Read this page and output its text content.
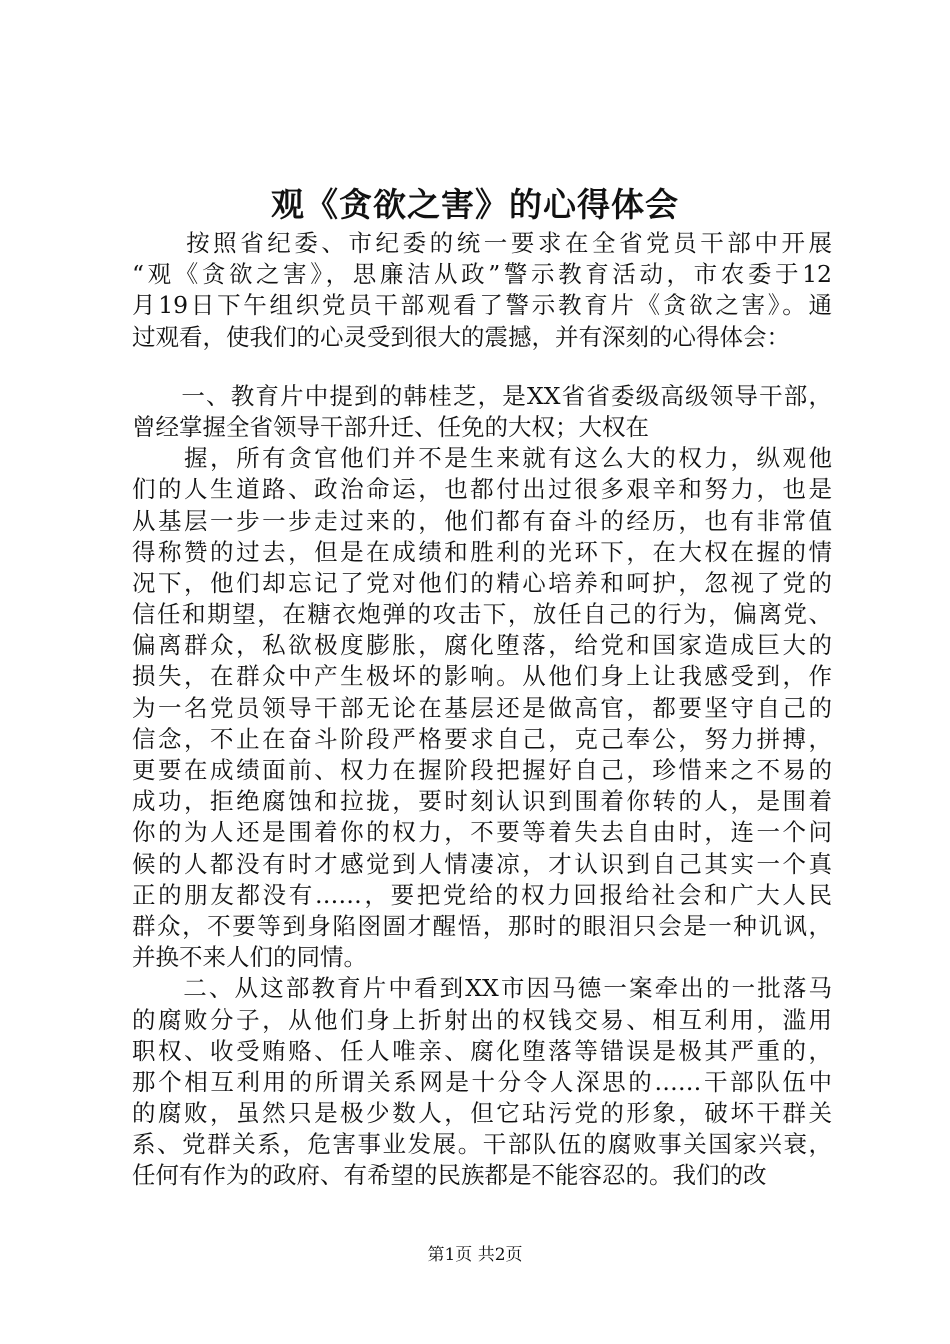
观《贪欲之害》的心得体会
　　按照省纪委、市纪委的统一要求在全省党员干部中开展
“观《贪欲之害》，思廉洁从政”警示教育活动，市农委于12
月19日下午组织党员干部观看了警示教育片《贪欲之害》。通
过观看，使我们的心灵受到很大的震撼，并有深刻的心得体会：
　　一、教育片中提到的韩桂芝，是XX省省委级高级领导干部，
曾经掌握全省领导干部升迁、任免的大权；大权在
　　握，所有贪官他们并不是生来就有这么大的权力，纵观他
们的人生道路、政治命运，也都付出过很多艰辛和努力，也是
从基层一步一步走过来的，他们都有奋斗的经历，也有非常值
得称赞的过去，但是在成绩和胜利的光环下，在大权在握的情
况下，他们却忘记了党对他们的精心培养和呵护，忽视了党的
信任和期望，在糖衣炮弹的攻击下，放任自己的行为，偏离党、
偏离群众，私欲极度膨胀，腐化堕落，给党和国家造成巨大的
损失，在群众中产生极坏的影响。从他们身上让我感受到，作
为一名党员领导干部无论在基层还是做高官，都要坚守自己的
信念，不止在奋斗阶段严格要求自己，克己奉公，努力拼搏，
更要在成绩面前、权力在握阶段把握好自己，珍惜来之不易的
成功，拒绝腐蚀和拉拢，要时刻认识到围着你转的人，是围着
你的为人还是围着你的权力，不要等着失去自由时，连一个问
候的人都没有时才感觉到人情凄凉，才认识到自己其实一个真
正的朋友都没有……，要把党给的权力回报给社会和广大人民
群众，不要等到身陷囹圄才醒悟，那时的眼泪只会是一种讥讽，
并换不来人们的同情。
　　二、从这部教育片中看到XX市因马德一案牵出的一批落马
的腐败分子，从他们身上折射出的权钱交易、相互利用，滥用
职权、收受贿赂、任人唯亲、腐化堕落等错误是极其严重的，
那个相互利用的所谓关系网是十分令人深思的……干部队伍中
的腐败，虽然只是极少数人，但它玷污党的形象，破坏干群关
系、党群关系，危害事业发展。干部队伍的腐败事关国家兴衰，
任何有作为的政府、有希望的民族都是不能容忍的。我们的改
第1页 共2页
